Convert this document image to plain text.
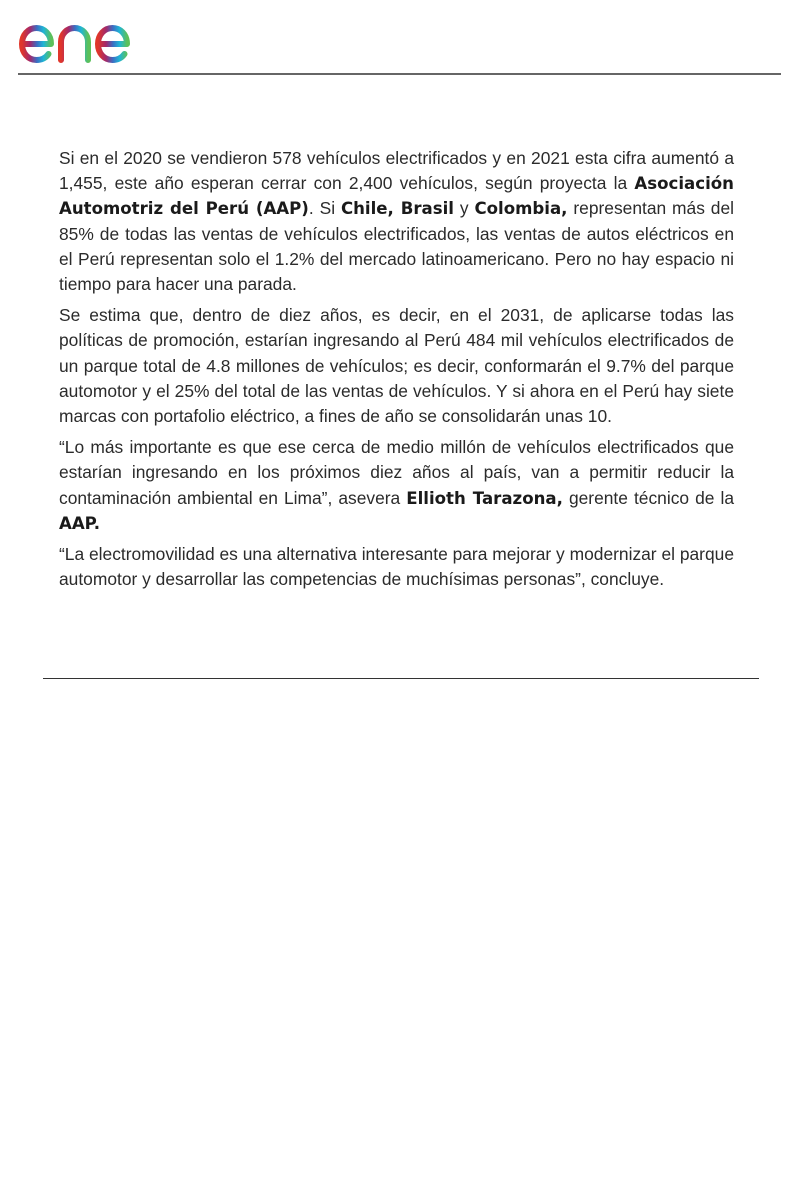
Si en el 2020 se vendieron 578 vehículos electrificados y en 2021 esta cifra aumentó a 1,455, este año esperan cerrar con 2,400 vehículos, según proyecta la Asociación Automotriz del Perú (AAP). Si Chile, Brasil y Colombia, representan más del 85% de todas las ventas de vehículos electrificados, las ventas de autos eléctricos en el Perú representan solo el 1.2% del mercado latinoamericano. Pero no hay espacio ni tiempo para hacer una parada.

Se estima que, dentro de diez años, es decir, en el 2031, de aplicarse todas las políticas de promoción, estarían ingresando al Perú 484 mil vehículos electrificados de un parque total de 4.8 millones de vehículos; es decir, conformarán el 9.7% del parque automotor y el 25% del total de las ventas de vehículos. Y si ahora en el Perú hay siete marcas con portafolio eléctrico, a fines de año se consolidarán unas 10.

“Lo más importante es que ese cerca de medio millón de vehículos electrificados que estarían ingresando en los próximos diez años al país, van a permitir reducir la contaminación ambiental en Lima”, asevera Ellioth Tarazona, gerente técnico de la AAP.

“La electromovilidad es una alternativa interesante para mejorar y modernizar el parque automotor y desarrollar las competencias de muchísimas personas”, concluye.
